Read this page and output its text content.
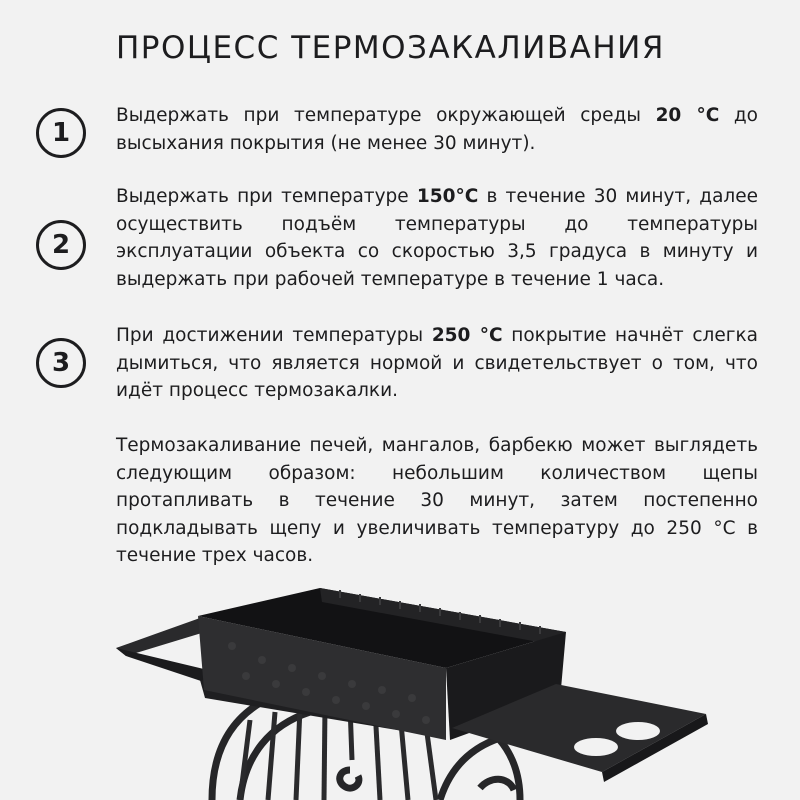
ПРОЦЕСС ТЕРМОЗАКАЛИВАНИЯ
1
Выдержать при температуре окружающей среды 20 °С до высыхания покрытия (не менее 30 минут).
2
Выдержать при температуре 150°С в течение 30 минут, далее осуществить подъём температуры до температуры эксплуатации объекта со скоростью 3,5 градуса в минуту и выдержать при рабочей температуре в течение 1 часа.
3
При достижении температуры 250 °С покрытие начнёт слегка дымиться, что является нормой и свидетельствует о том, что идёт процесс термозакалки.
Термозакаливание печей, мангалов, барбекю может выглядеть следующим образом: небольшим количеством щепы протапливать в течение 30 минут, затем постепенно подкладывать щепу и увеличивать температуру до 250 °С в течение трех часов.
